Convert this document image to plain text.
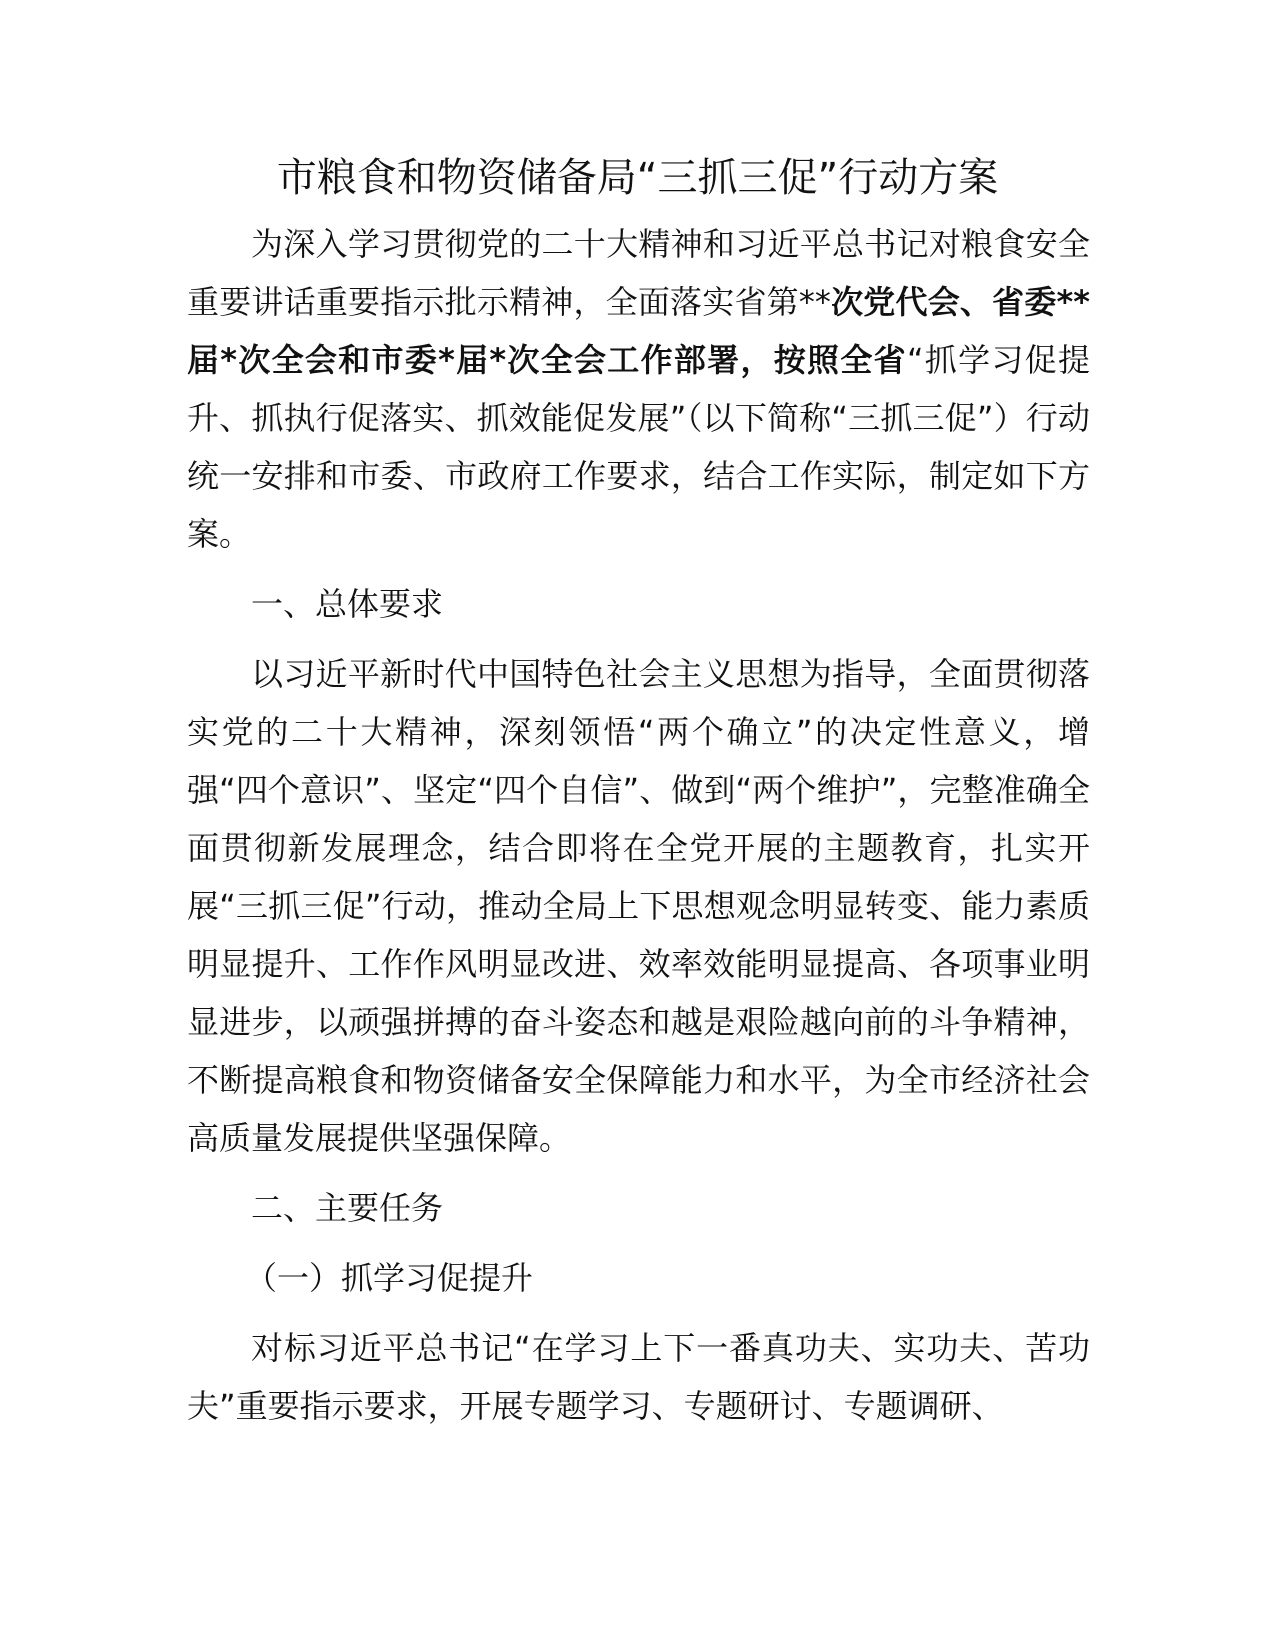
市粮食和物资储备局“三抓三促”行动方案

为深入学习贯彻党的二十大精神和习近平总书记对粮食安全重要讲话重要指示批示精神，全面落实省第**次党代会、省委**届*次全会和市委*届*次全会工作部署，按照全省“抓学习促提升、抓执行促落实、抓效能促发展”（以下简称“三抓三促”）行动统一安排和市委、市政府工作要求，结合工作实际，制定如下方案。

一、总体要求

以习近平新时代中国特色社会主义思想为指导，全面贯彻落实党的二十大精神，深刻领悟“两个确立”的决定性意义，增强“四个意识”、坚定“四个自信”、做到“两个维护”，完整准确全面贯彻新发展理念，结合即将在全党开展的主题教育，扎实开展“三抓三促”行动，推动全局上下思想观念明显转变、能力素质明显提升、工作作风明显改进、效率效能明显提高、各项事业明显进步，以顽强拼搏的奋斗姿态和越是艰险越向前的斗争精神，不断提高粮食和物资储备安全保障能力和水平，为全市经济社会高质量发展提供坚强保障。

二、主要任务

（一）抓学习促提升

对标习近平总书记“在学习上下一番真功夫、实功夫、苦功夫”重要指示要求，开展专题学习、专题研讨、专题调研、
